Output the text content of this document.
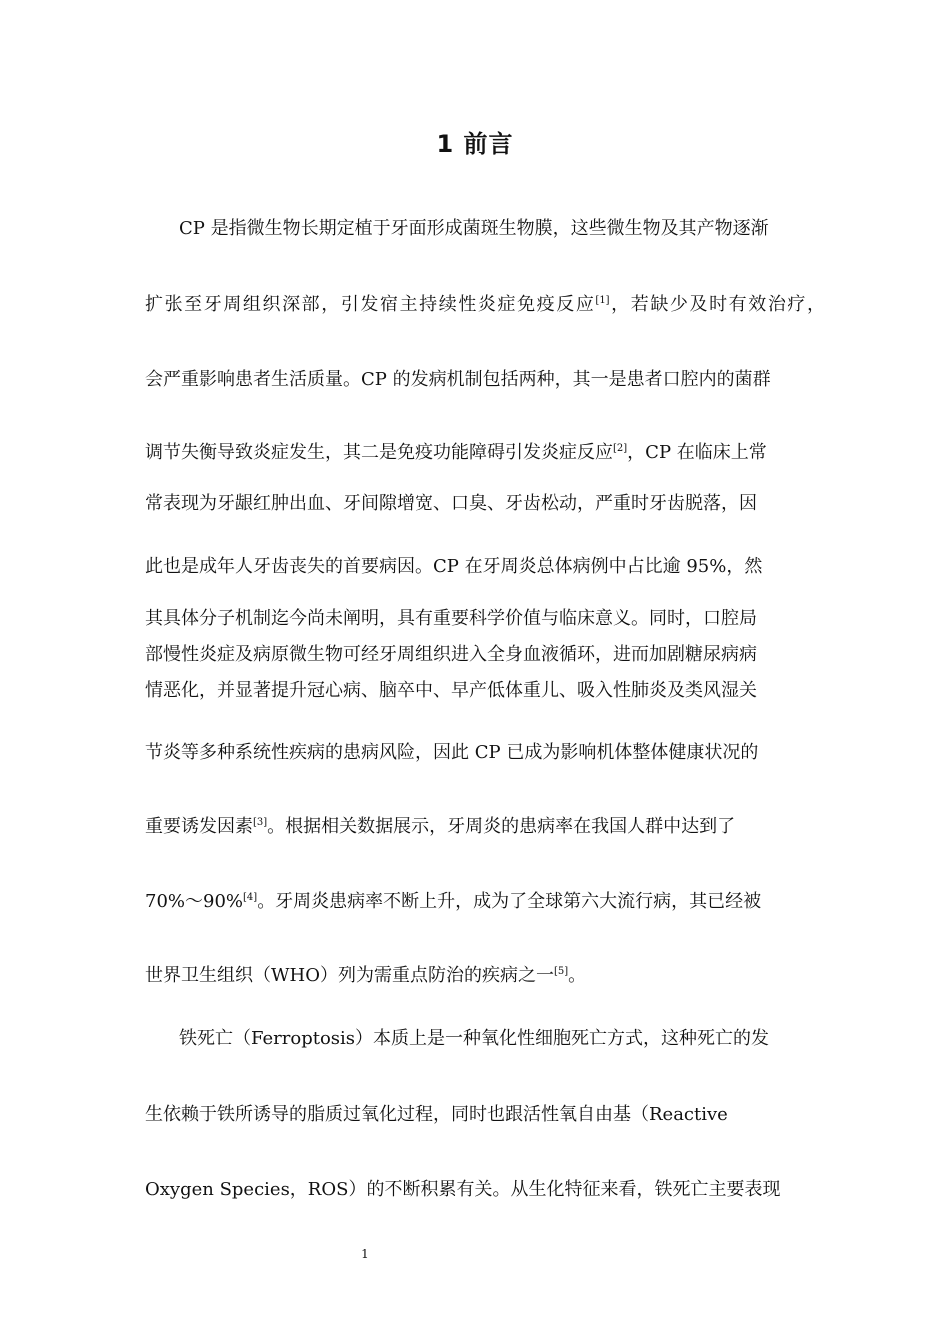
1 前言
CP 是指微生物长期定植于牙面形成菌斑生物膜，这些微生物及其产物逐渐
扩张至牙周组织深部，引发宿主持续性炎症免疫反应[1]，若缺少及时有效治疗，
会严重影响患者生活质量。CP 的发病机制包括两种，其一是患者口腔内的菌群
调节失衡导致炎症发生，其二是免疫功能障碍引发炎症反应[2]，CP 在临床上常
常表现为牙龈红肿出血、牙间隙增宽、口臭、牙齿松动，严重时牙齿脱落，因
此也是成年人牙齿丧失的首要病因。CP 在牙周炎总体病例中占比逾 95%，然
其具体分子机制迄今尚未阐明，具有重要科学价值与临床意义。同时，口腔局
部慢性炎症及病原微生物可经牙周组织进入全身血液循环，进而加剧糖尿病病
情恶化，并显著提升冠心病、脑卒中、早产低体重儿、吸入性肺炎及类风湿关
节炎等多种系统性疾病的患病风险，因此 CP 已成为影响机体整体健康状况的
重要诱发因素[3]。根据相关数据展示，牙周炎的患病率在我国人群中达到了
70%～90%[4]。牙周炎患病率不断上升，成为了全球第六大流行病，其已经被
世界卫生组织（WHO）列为需重点防治的疾病之一[5]。
铁死亡（Ferroptosis）本质上是一种氧化性细胞死亡方式，这种死亡的发
生依赖于铁所诱导的脂质过氧化过程，同时也跟活性氧自由基（Reactive
Oxygen Species，ROS）的不断积累有关。从生化特征来看，铁死亡主要表现
1
